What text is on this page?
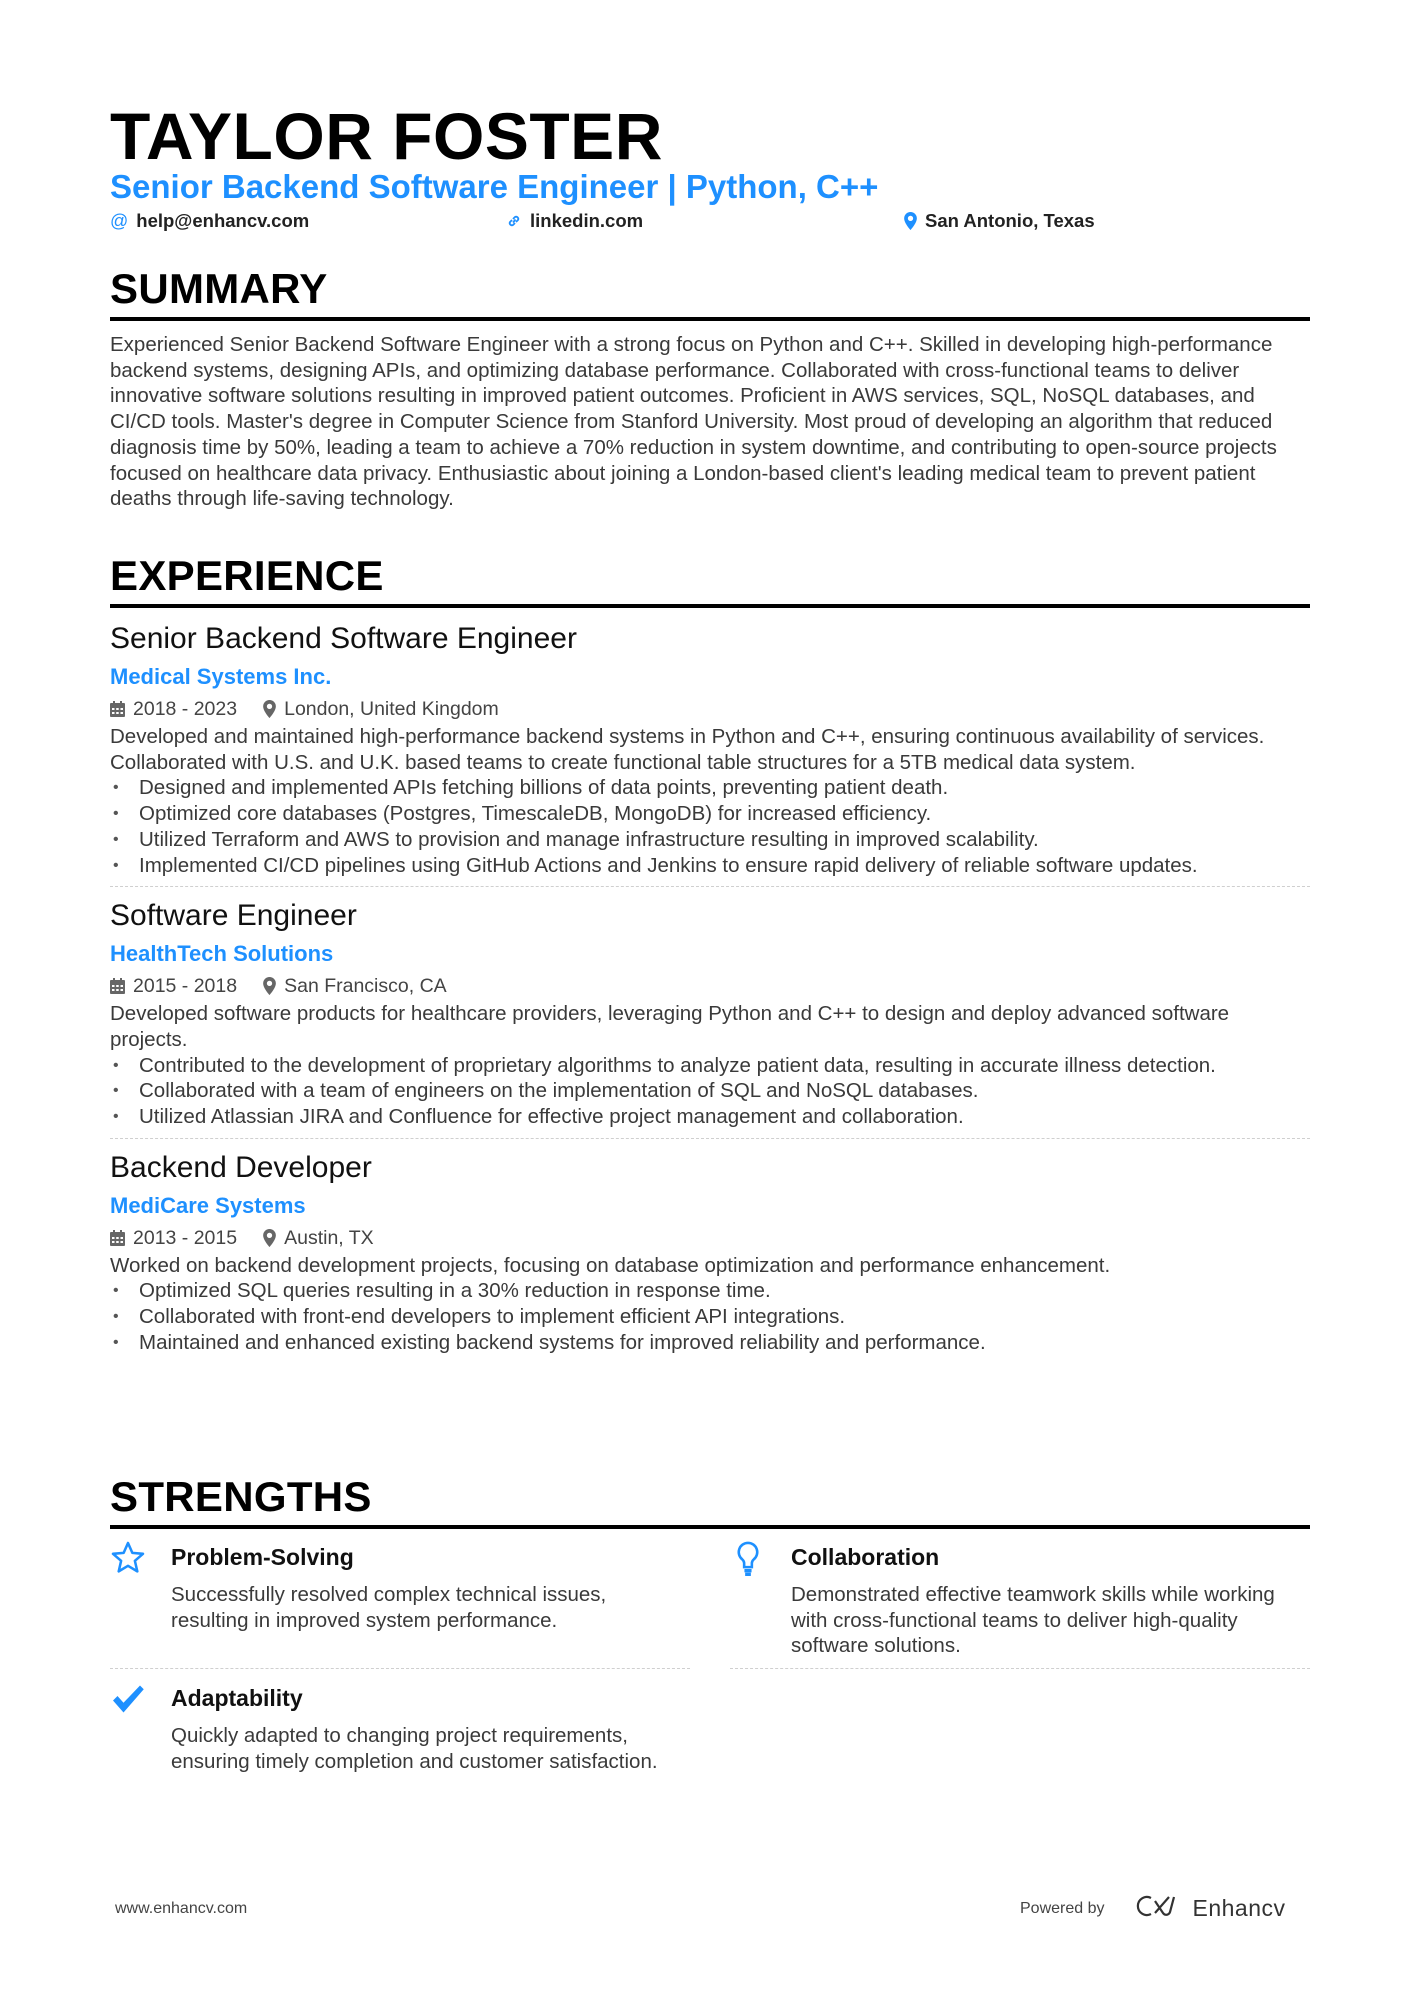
TAYLOR FOSTER
Senior Backend Software Engineer | Python, C++
@ help@enhancv.com	linkedin.com	San Antonio, Texas
SUMMARY
Experienced Senior Backend Software Engineer with a strong focus on Python and C++. Skilled in developing high-performance backend systems, designing APIs, and optimizing database performance. Collaborated with cross-functional teams to deliver innovative software solutions resulting in improved patient outcomes. Proficient in AWS services, SQL, NoSQL databases, and CI/CD tools. Master's degree in Computer Science from Stanford University. Most proud of developing an algorithm that reduced diagnosis time by 50%, leading a team to achieve a 70% reduction in system downtime, and contributing to open-source projects focused on healthcare data privacy. Enthusiastic about joining a London-based client's leading medical team to prevent patient deaths through life-saving technology.
EXPERIENCE
Senior Backend Software Engineer
Medical Systems Inc.
2018 - 2023 London, United Kingdom
Developed and maintained high-performance backend systems in Python and C++, ensuring continuous availability of services. Collaborated with U.S. and U.K. based teams to create functional table structures for a 5TB medical data system.
• Designed and implemented APIs fetching billions of data points, preventing patient death.
• Optimized core databases (Postgres, TimescaleDB, MongoDB) for increased efficiency.
• Utilized Terraform and AWS to provision and manage infrastructure resulting in improved scalability.
• Implemented CI/CD pipelines using GitHub Actions and Jenkins to ensure rapid delivery of reliable software updates.
Software Engineer
HealthTech Solutions
2015 - 2018 San Francisco, CA
Developed software products for healthcare providers, leveraging Python and C++ to design and deploy advanced software projects.
• Contributed to the development of proprietary algorithms to analyze patient data, resulting in accurate illness detection.
• Collaborated with a team of engineers on the implementation of SQL and NoSQL databases.
• Utilized Atlassian JIRA and Confluence for effective project management and collaboration.
Backend Developer
MediCare Systems
2013 - 2015 Austin, TX
Worked on backend development projects, focusing on database optimization and performance enhancement.
• Optimized SQL queries resulting in a 30% reduction in response time.
• Collaborated with front-end developers to implement efficient API integrations.
• Maintained and enhanced existing backend systems for improved reliability and performance.
STRENGTHS
Problem-Solving
Successfully resolved complex technical issues, resulting in improved system performance.
Collaboration
Demonstrated effective teamwork skills while working with cross-functional teams to deliver high-quality software solutions.
Adaptability
Quickly adapted to changing project requirements, ensuring timely completion and customer satisfaction.
www.enhancv.com	Powered by	Enhancv
